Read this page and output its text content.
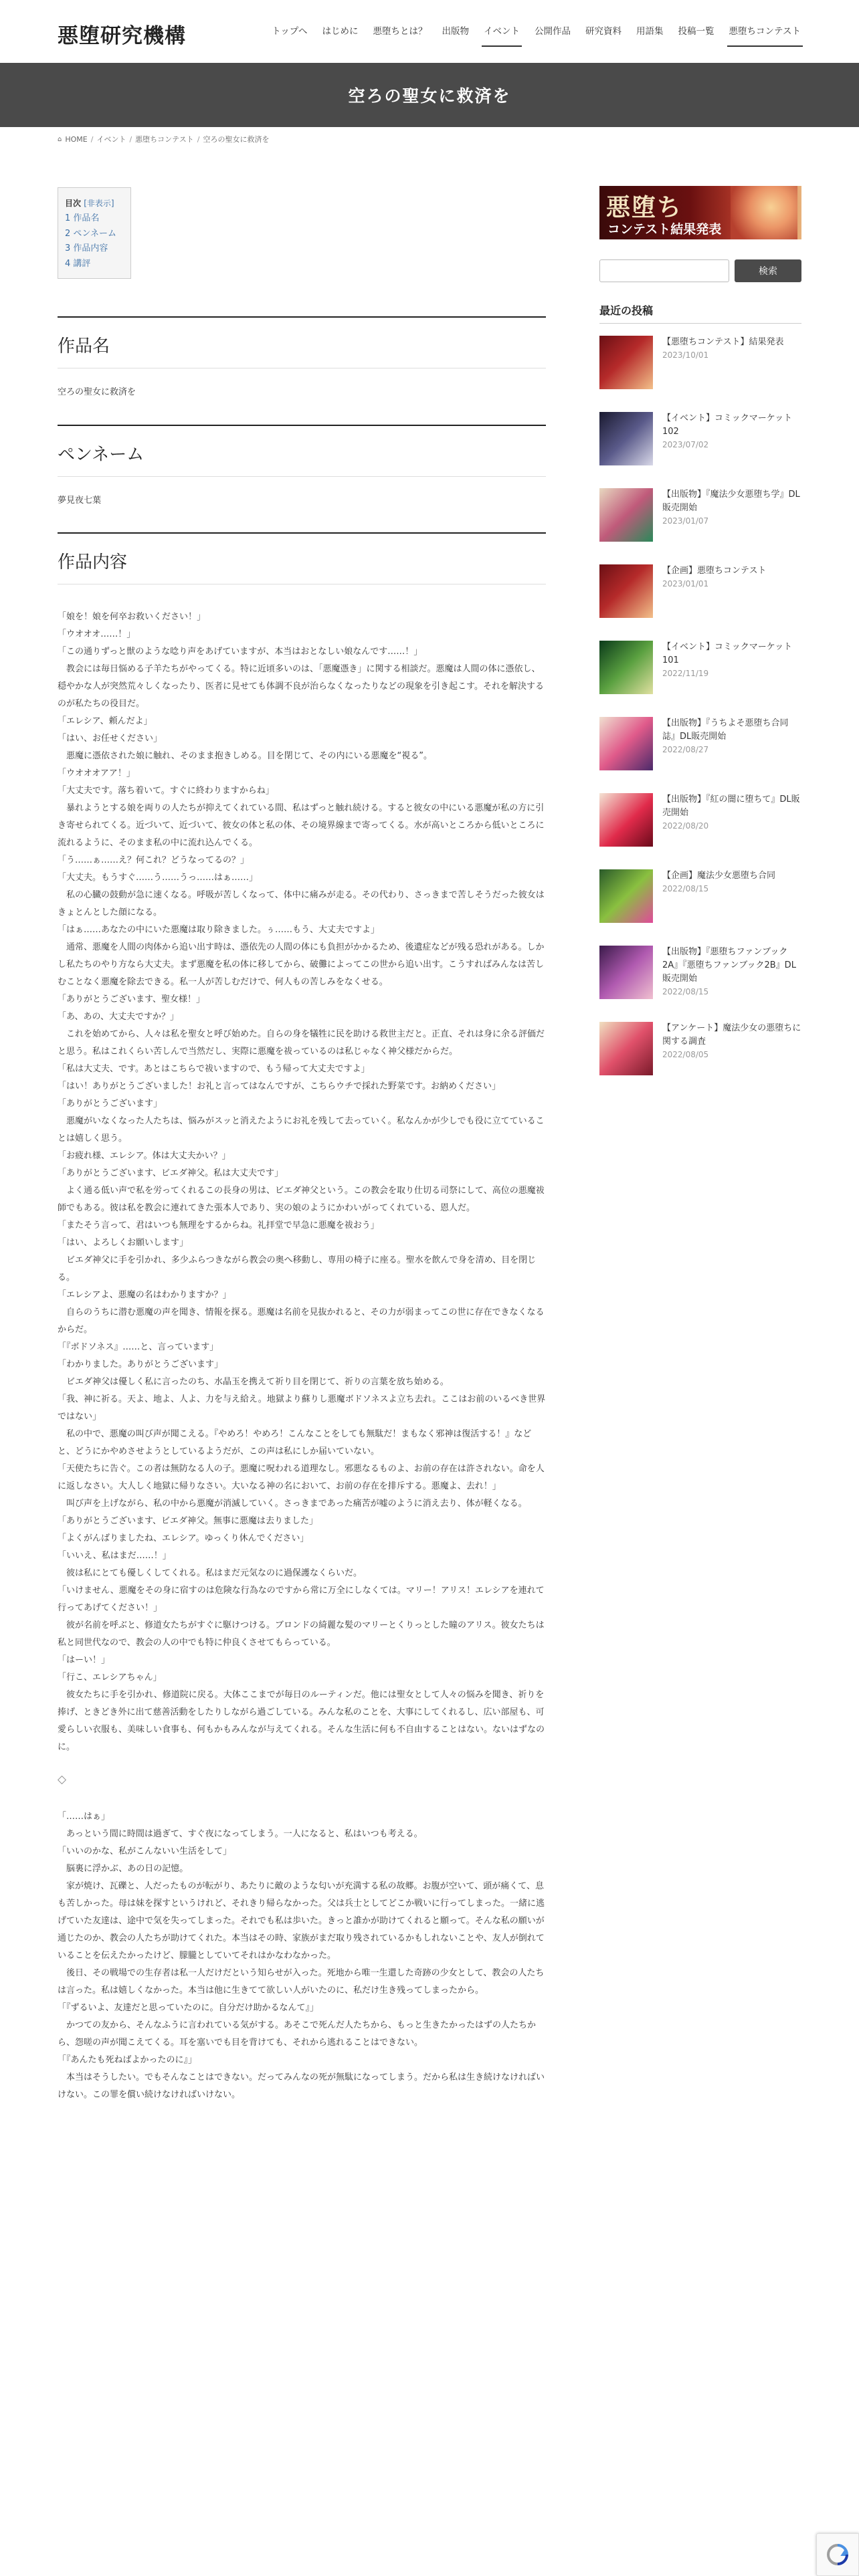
悪堕研究機構	トップへ	はじめに	悪堕ちとは？	出版物	イベント	公開作品	研究資料	用語集	投稿一覧	悪堕ちコンテスト
空ろの聖女に救済を
⌂ HOME / イベント / 悪堕ちコンテスト / 空ろの聖女に救済を
目次 [非表示]
1 作品名
2 ペンネーム
3 作品内容
4 講評
作品名
空ろの聖女に救済を
ペンネーム
夢見夜七葉
作品内容

「娘を！娘を何卒お救いください！」

「ウオオオ……！」

「この通りずっと獣のような唸り声をあげていますが、本当はおとなしい娘なんです……！」

　教会には毎日悩める子羊たちがやってくる。特に近頃多いのは、「悪魔憑き」に関する相談だ。悪魔は人間の体に憑依し、穏やかな人が突然荒々しくなったり、医者に見せても体調不良が治らなくなったりなどの現象を引き起こす。それを解決するのが私たちの役目だ。

「エレシア、頼んだよ」

「はい、お任せください」

　悪魔に憑依された娘に触れ、そのまま抱きしめる。目を閉じて、その内にいる悪魔を“視る”。

「ウオオオアア！」

「大丈夫です。落ち着いて。すぐに終わりますからね」

　暴れようとする娘を両りの人たちが抑えてくれている間、私はずっと触れ続ける。すると彼女の中にいる悪魔が私の方に引き寄せられてくる。近づいて、近づいて、彼女の体と私の体、その境界線まで寄ってくる。水が高いところから低いところに流れるように、そのまま私の中に流れ込んでくる。

「う……ぁ……え？何これ？どうなってるの？」

「大丈夫。もうすぐ……う……うっ……はぁ……」

　私の心臓の鼓動が急に速くなる。呼吸が苦しくなって、体中に痛みが走る。その代わり、さっきまで苦しそうだった彼女はきょとんとした顔になる。

「はぁ……あなたの中にいた悪魔は取り除きました。ぅ……もう、大丈夫ですよ」

　通常、悪魔を人間の肉体から追い出す時は、憑依先の人間の体にも負担がかかるため、後遺症などが残る恐れがある。しかし私たちのやり方なら大丈夫。まず悪魔を私の体に移してから、破儺によってこの世から追い出す。こうすればみんなは苦しむことなく悪魔を除去できる。私一人が苦しむだけで、何人もの苦しみをなくせる。

「ありがとうございます、聖女様！」

「あ、あの、大丈夫ですか？」

　これを始めてから、人々は私を聖女と呼び始めた。自らの身を犠牲に民を助ける救世主だと。正直、それは身に余る評価だと思う。私はこれくらい苦しんで当然だし、実際に悪魔を祓っているのは私じゃなく神父様だからだ。

「私は大丈夫、です。あとはこちらで祓いますので、もう帰って大丈夫ですよ」

「はい！ありがとうございました！お礼と言ってはなんですが、こちらウチで採れた野菜です。お納めください」

「ありがとうございます」

　悪魔がいなくなった人たちは、悩みがスッと消えたようにお礼を残して去っていく。私なんかが少しでも役に立てていることは嬉しく思う。

「お疲れ様、エレシア。体は大丈夫かい？」

「ありがとうございます、ビエダ神父。私は大丈夫です」

　よく通る低い声で私を労ってくれるこの長身の男は、ビエダ神父という。この教会を取り仕切る司祭にして、高位の悪魔祓師でもある。彼は私を教会に連れてきた張本人であり、実の娘のようにかわいがってくれている、恩人だ。

「またそう言って、君はいつも無理をするからね。礼拝堂で早急に悪魔を祓おう」

「はい、よろしくお願いします」

　ビエダ神父に手を引かれ、多少ふらつきながら教会の奥へ移動し、専用の椅子に座る。聖水を飲んで身を清め、目を閉じる。

「エレシアよ、悪魔の名はわかりますか？」

　自らのうちに潜む悪魔の声を聞き、情報を探る。悪魔は名前を見抜かれると、その力が弱まってこの世に存在できなくなるからだ。

「『ボドソネス』……と、言っています」

「わかりました。ありがとうございます」

　ビエダ神父は優しく私に言ったのち、水晶玉を携えて祈り目を閉じて、祈りの言葉を放ち始める。

「我、神に祈る。天よ、地よ、人よ、力を与え給え。地獄より蘇りし悪魔ボドソネスよ立ち去れ。ここはお前のいるべき世界ではない」

　私の中で、悪魔の叫び声が聞こえる。『やめろ！やめろ！こんなことをしても無駄だ！まもなく邪神は復活する！』などと、どうにかやめさせようとしているようだが、この声は私にしか届いていない。

「天使たちに告ぐ。この者は無防なる人の子。悪魔に呪われる道理なし。邪悪なるものよ、お前の存在は許されない。命を人に返しなさい。大人しく地獄に帰りなさい。大いなる神の名において、お前の存在を排斥する。悪魔よ、去れ！」

　叫び声を上げながら、私の中から悪魔が消滅していく。さっきまであった痛苦が嘘のように消え去り、体が軽くなる。

「ありがとうございます、ビエダ神父。無事に悪魔は去りました」

「よくがんばりましたね、エレシア。ゆっくり休んでください」

「いいえ、私はまだ……！」

　彼は私にとても優しくしてくれる。私はまだ元気なのに過保護なくらいだ。

「いけません、悪魔をその身に宿すのは危険な行為なのですから常に万全にしなくては。マリー！アリス！エレシアを連れて行ってあげてください！」

　彼が名前を呼ぶと、修道女たちがすぐに駆けつける。ブロンドの綺麗な髪のマリーとくりっとした瞳のアリス。彼女たちは私と同世代なので、教会の人の中でも特に仲良くさせてもらっている。

「はーい！」

「行こ、エレシアちゃん」

　彼女たちに手を引かれ、修道院に戻る。大体ここまでが毎日のルーティンだ。他には聖女として人々の悩みを聞き、祈りを捧げ、ときどき外に出て慈善活動をしたりしながら過ごしている。みんな私のことを、大事にしてくれるし、広い部屋も、可愛らしい衣服も、美味しい食事も、何もかもみんなが与えてくれる。そんな生活に何も不自由することはない。ないはずなのに。

◇

「……はぁ」

　あっという間に時間は過ぎて、すぐ夜になってしまう。一人になると、私はいつも考える。

「いいのかな、私がこんないい生活をして」

　脳裏に浮かぶ、あの日の記憶。

　家が焼け、瓦礫と、人だったものが転がり、あたりに敵のような匂いが充満する私の故郷。お腹が空いて、頭が痛くて、息も苦しかった。母は妹を探すというけれど、それきり帰らなかった。父は兵士としてどこか戦いに行ってしまった。一緒に逃げていた友達は、途中で気を失ってしまった。それでも私は歩いた。きっと誰かが助けてくれると願って。そんな私の願いが通じたのか、教会の人たちが助けてくれた。本当はその時、家族がまだ取り残されているかもしれないことや、友人が倒れていることを伝えたかったけど、朦朧としていてそれはかなわなかった。

　後日、その戦場での生存者は私一人だけだという知らせが入った。死地から唯一生還した奇跡の少女として、教会の人たちは言った。私は嬉しくなかった。本当は他に生きてて欲しい人がいたのに、私だけ生き残ってしまったから。

「『ずるいよ、友達だと思っていたのに。自分だけ助かるなんて』」

　かつての友から、そんなふうに言われている気がする。あそこで死んだ人たちから、もっと生きたかったはずの人たちから、怨嗟の声が聞こえてくる。耳を塞いでも目を背けても、それから逃れることはできない。

「『あんたも死ねばよかったのに』」

　本当はそうしたい。でもそんなことはできない。だってみんなの死が無駄になってしまう。だから私は生き続けなければいけない。この罪を償い続けなければいけない。

悪堕ち
コンテスト結果発表
検索
最近の投稿
【悪堕ちコンテスト】結果発表
2023/10/01
【イベント】コミックマーケット102
2023/07/02
【出版物】『魔法少女悪堕ち学』DL販売開始
2023/01/07
【企画】悪堕ちコンテスト
2023/01/01
【イベント】コミックマーケット101
2022/11/19
【出版物】『うちよそ悪堕ち合同誌』DL販売開始
2022/08/27
【出版物】『紅の闇に堕ちて』DL販売開始
2022/08/20
【企画】魔法少女悪堕ち合同
2022/08/15
【出版物】『悪堕ちファンブック2A』『悪堕ちファンブック2B』DL販売開始
2022/08/15
【アンケート】魔法少女の悪堕ちに関する調査
2022/08/05
